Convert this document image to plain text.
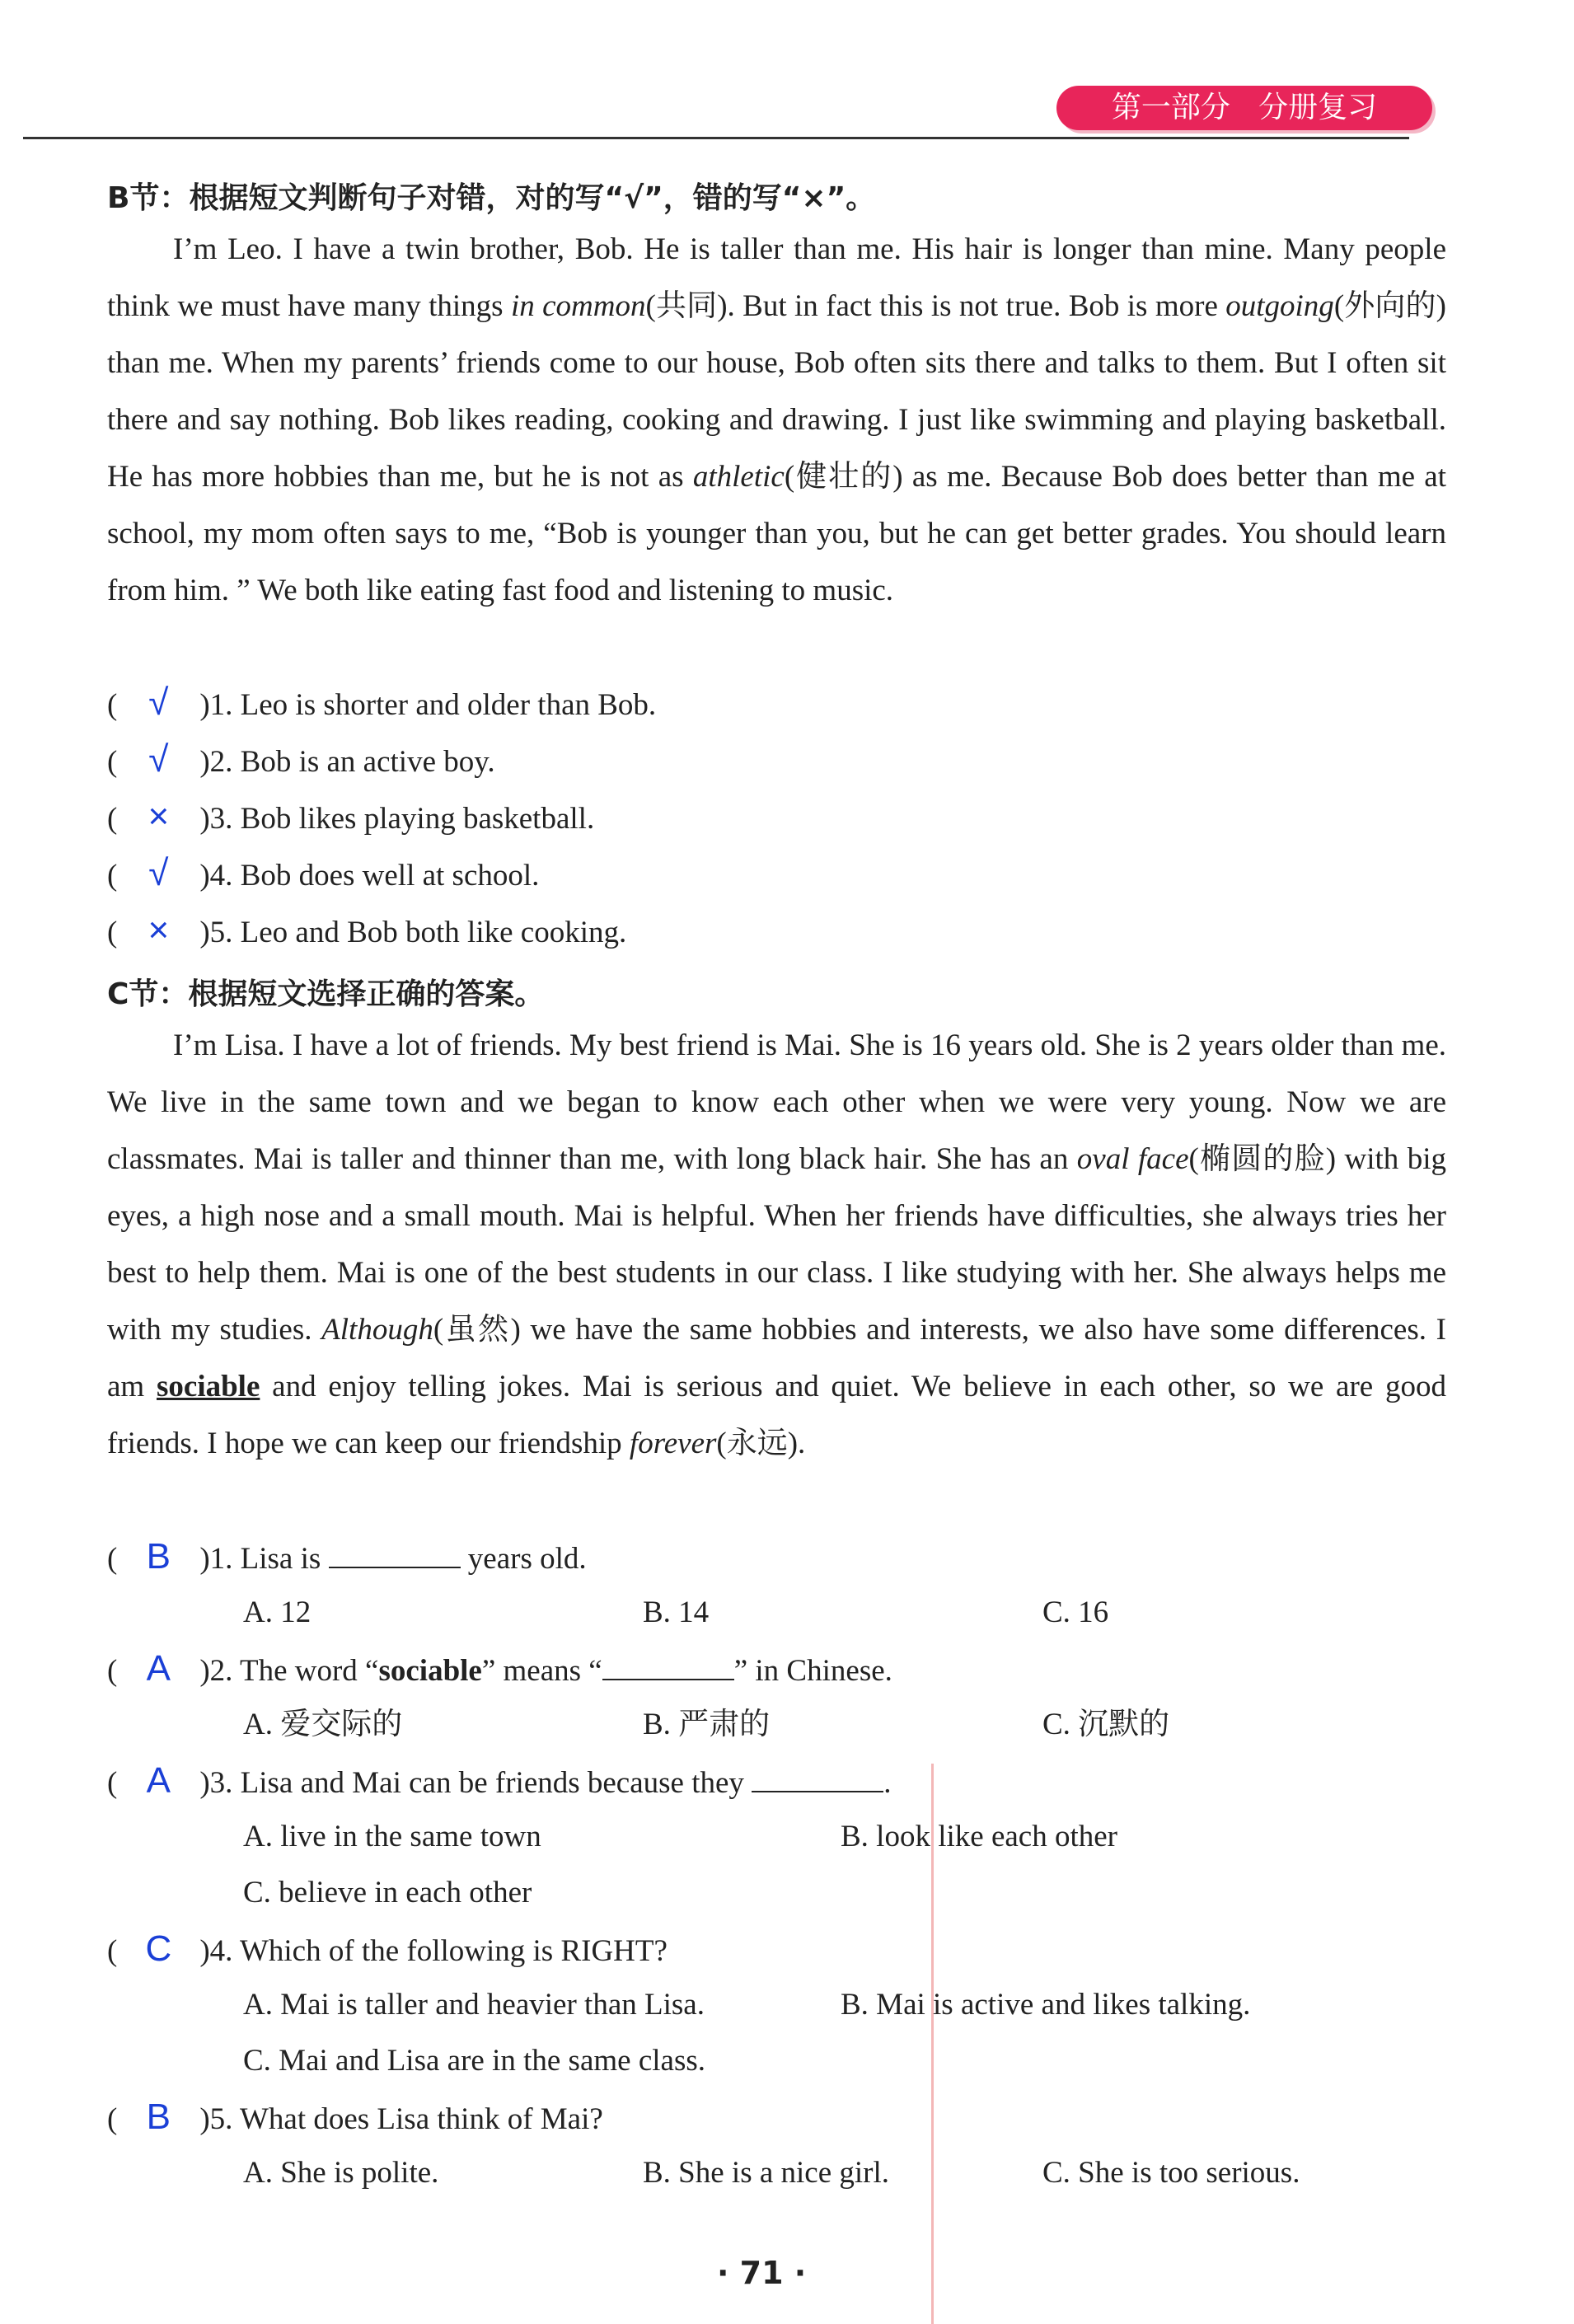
第一部分   分册复习
B节：根据短文判断句子对错，对的写“√”，错的写“×”。

I’m Leo. I have a twin brother, Bob. He is taller than me. His hair is longer than mine. Many people think we must have many things in common(共同). But in fact this is not true. Bob is more outgoing(外向的) than me. When my parents’ friends come to our house, Bob often sits there and talks to them. But I often sit there and say nothing. Bob likes reading, cooking and drawing. I just like swimming and playing basketball. He has more hobbies than me, but he is not as athletic(健壮的) as me. Because Bob does better than me at school, my mom often says to me, “Bob is younger than you, but he can get better grades. You should learn from him. ” We both like eating fast food and listening to music.

( √ )1. Leo is shorter and older than Bob.
( √ )2. Bob is an active boy.
( × )3. Bob likes playing basketball.
( √ )4. Bob does well at school.
( × )5. Leo and Bob both like cooking.
C节：根据短文选择正确的答案。

I’m Lisa. I have a lot of friends. My best friend is Mai. She is 16 years old. She is 2 years older than me. We live in the same town and we began to know each other when we were very young. Now we are classmates. Mai is taller and thinner than me, with long black hair. She has an oval face(椭圆的脸) with big eyes, a high nose and a small mouth. Mai is helpful. When her friends have difficulties, she always tries her best to help them. Mai is one of the best students in our class. I like studying with her. She always helps me with my studies. Although(虽然) we have the same hobbies and interests, we also have some differences. I am sociable and enjoy telling jokes. Mai is serious and quiet. We believe in each other, so we are good friends. I hope we can keep our friendship forever(永远).

( B )1. Lisa is	years old.
A. 12	B. 14	C. 16
( A )2. The word “sociable” means “	” in Chinese.
A. 爱交际的	B. 严肃的	C. 沉默的
( A )3. Lisa and Mai can be friends because they	.
A. live in the same town	B. look like each other
C. believe in each other
( C )4. Which of the following is RIGHT?
A. Mai is taller and heavier than Lisa.	B. Mai is active and likes talking.
C. Mai and Lisa are in the same class.
( B )5. What does Lisa think of Mai?
A. She is polite.	B. She is a nice girl.	C. She is too serious.
· 71 ·
